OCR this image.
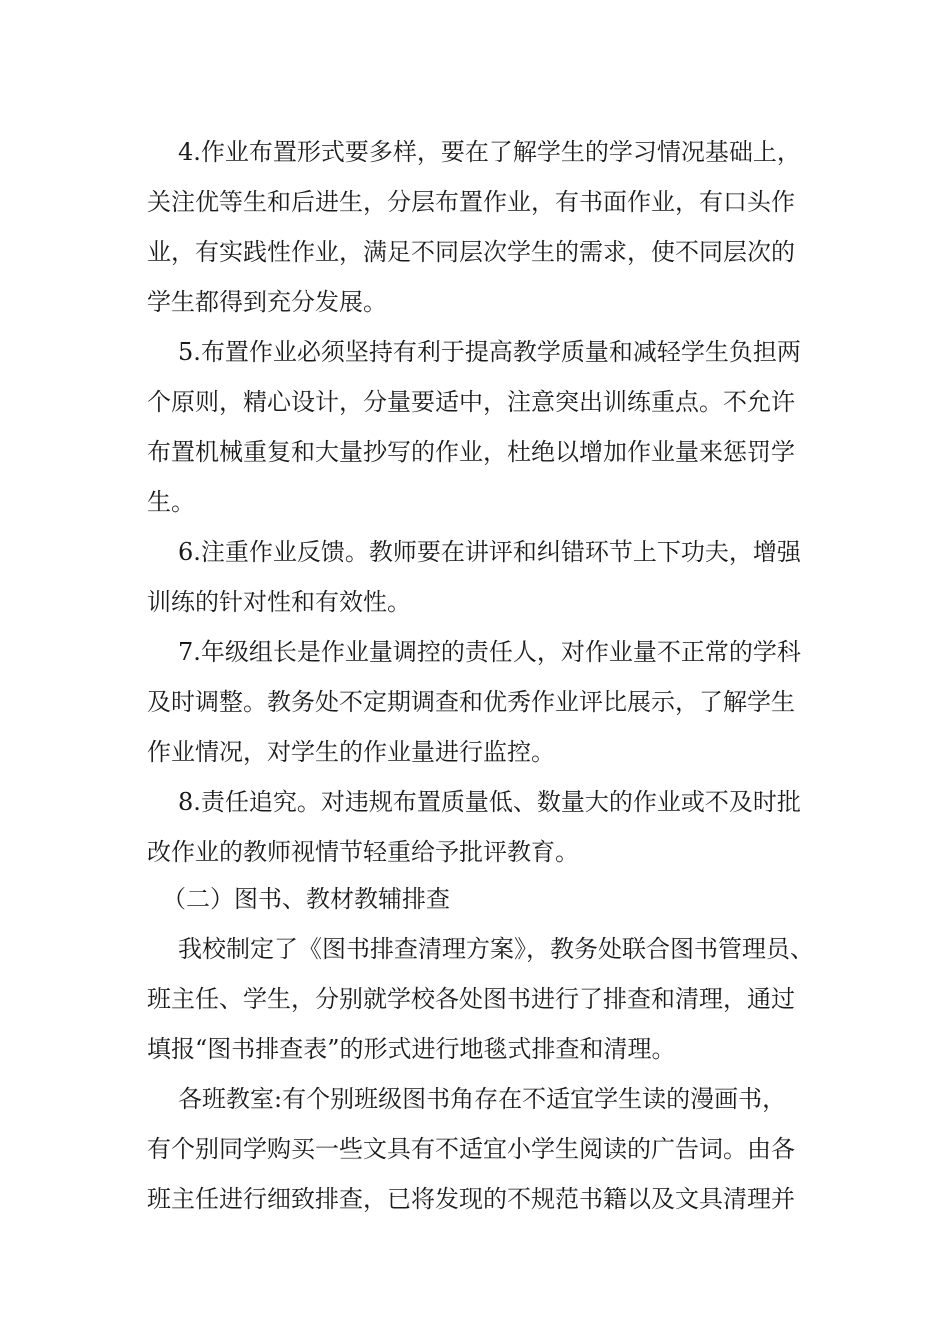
4.作业布置形式要多样，要在了解学生的学习情况基础上，
关注优等生和后进生，分层布置作业，有书面作业，有口头作
业，有实践性作业，满足不同层次学生的需求，使不同层次的
学生都得到充分发展。
5.布置作业必须坚持有利于提高教学质量和减轻学生负担两
个原则，精心设计，分量要适中，注意突出训练重点。不允许
布置机械重复和大量抄写的作业，杜绝以增加作业量来惩罚学
生。
6.注重作业反馈。教师要在讲评和纠错环节上下功夫，增强
训练的针对性和有效性。
7.年级组长是作业量调控的责任人，对作业量不正常的学科
及时调整。教务处不定期调查和优秀作业评比展示，了解学生
作业情况，对学生的作业量进行监控。
8.责任追究。对违规布置质量低、数量大的作业或不及时批
改作业的教师视情节轻重给予批评教育。
（二）图书、教材教辅排查
我校制定了《图书排查清理方案》，教务处联合图书管理员、
班主任、学生，分别就学校各处图书进行了排查和清理，通过
填报“图书排查表”的形式进行地毯式排查和清理。
各班教室:有个别班级图书角存在不适宜学生读的漫画书，
有个别同学购买一些文具有不适宜小学生阅读的广告词。由各
班主任进行细致排查，已将发现的不规范书籍以及文具清理并
